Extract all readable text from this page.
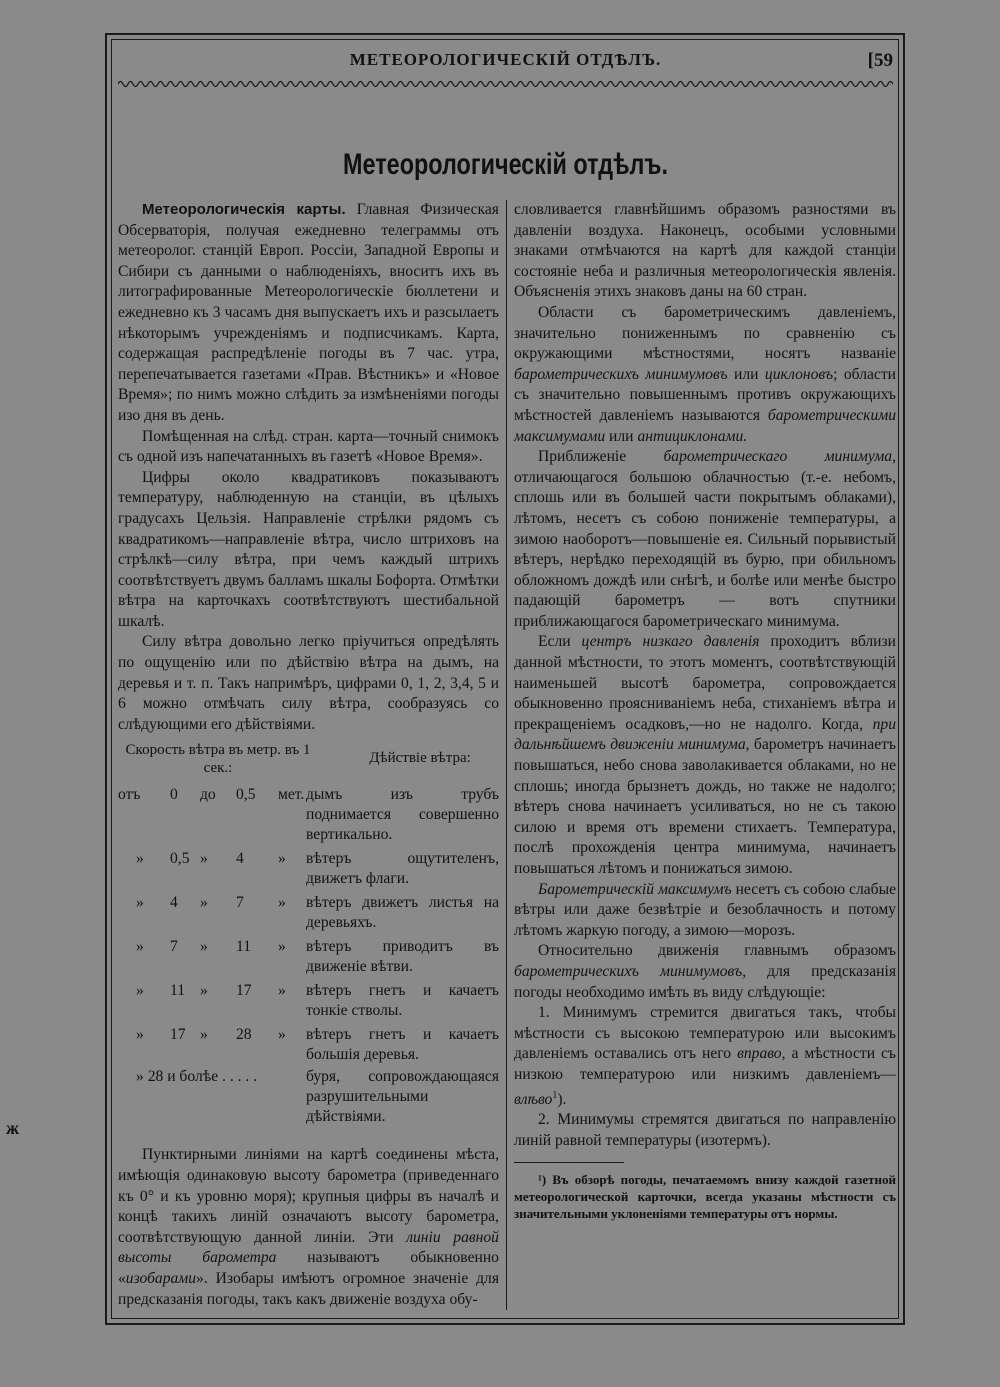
МЕТЕОРОЛОГИЧЕСКІЙ ОТДѢЛЪ.	[59
Метеорологическій отдѣлъ.

Метеорологическія карты. Главная Физическая Обсерваторія, получая ежедневно телеграммы отъ метеоролог. станцій Европ. Россіи, Западной Европы и Сибири съ данными о наблюденіяхъ, вноситъ ихъ въ литографированные Метеорологическіе бюллетени и ежедневно къ 3 часамъ дня выпускаетъ ихъ и разсылаетъ нѣкоторымъ учрежденіямъ и подписчикамъ. Карта, содержащая распредѣленіе погоды въ 7 час. утра, перепечатывается газетами «Прав. Вѣстникъ» и «Новое Время»; по нимъ можно слѣдить за измѣненіями погоды изо дня въ день.

Помѣщенная на слѣд. стран. карта—точный снимокъ съ одной изъ напечатанныхъ въ газетѣ «Новое Время».

Цифры около квадратиковъ показываютъ температуру, наблюденную на станціи, въ цѣлыхъ градусахъ Цельзія. Направленіе стрѣлки рядомъ съ квадратикомъ—направленіе вѣтра, число штриховъ на стрѣлкѣ—силу вѣтра, при чемъ каждый штрихъ соотвѣтствуетъ двумъ балламъ шкалы Бофорта. Отмѣтки вѣтра на карточкахъ соотвѣтствуютъ шестибальной шкалѣ.

Силу вѣтра довольно легко пріучиться опредѣлять по ощущенію или по дѣйствію вѣтра на дымъ, на деревья и т. п. Такъ напримѣръ, цифрами 0, 1, 2, 3,4, 5 и 6 можно отмѣчать силу вѣтра, сообразуясь со слѣдующими его дѣйствіями.

Скорость вѣтра въ метр. въ 1 сек.:
Дѣйствіе вѣтра:
отъ 0 до 0,5 мет. дымъ изъ трубъ поднимается совершенно вертикально.

» 0,5 » 4 » вѣтеръ ощутителенъ, движетъ флаги.

» 4 » 7 » вѣтеръ движетъ листья на деревьяхъ.

» 7 » 11 » вѣтеръ приводитъ въ движеніе вѣтви.

» 11 » 17 » вѣтеръ гнетъ и качаетъ тонкіе стволы.

» 17 » 28 » вѣтеръ гнетъ и качаетъ большія деревья.

» 28 и болѣе . . . . .	буря, сопровождающаяся разрушительными дѣйствіями.

Пунктирными линіями на картѣ соединены мѣста, имѣющія одинаковую высоту барометра (приведеннаго къ 0° и къ уровню моря); крупныя цифры въ началѣ и концѣ такихъ линій означаютъ высоту барометра, соотвѣтствующую данной линіи. Эти линіи равной высоты барометра называютъ обыкновенно «изобарами». Изобары имѣютъ огромное значеніе для предсказанія погоды, такъ какъ движеніе воздуха обу-

словливается главнѣйшимъ образомъ разностями въ давленіи воздуха. Наконецъ, особыми условными знаками отмѣчаются на картѣ для каждой станціи состояніе неба и различныя метеорологическія явленія. Объясненія этихъ знаковъ даны на 60 стран.

Области съ барометрическимъ давленіемъ, значительно пониженнымъ по сравненію съ окружающими мѣстностями, носятъ названіе барометрическихъ минимумовъ или циклоновъ; области съ значительно повышеннымъ противъ окружающихъ мѣстностей давленіемъ называются барометрическими максимумами или антициклонами.

Приближеніе барометрическаго минимума, отличающагося большою облачностью (т.-е. небомъ, сплошь или въ большей части покрытымъ облаками), лѣтомъ, несетъ съ собою пониженіе температуры, а зимою наоборотъ—повышеніе ея. Сильный порывистый вѣтеръ, нерѣдко переходящій въ бурю, при обильномъ обложномъ дождѣ или снѣгѣ, и болѣе или менѣе быстро падающій барометръ — вотъ спутники приближающагося барометрическаго минимума.

Если центръ низкаго давленія проходитъ вблизи данной мѣстности, то этотъ моментъ, соотвѣтствующій наименьшей высотѣ барометра, сопровождается обыкновенно проясниваніемъ неба, стиханіемъ вѣтра и прекращеніемъ осадковъ,—но не надолго. Когда, при дальнѣйшемъ движеніи минимума, барометръ начинаетъ повышаться, небо снова заволакивается облаками, но не сплошь; иногда брызнетъ дождь, но также не надолго; вѣтеръ снова начинаетъ усиливаться, но не съ такою силою и время отъ времени стихаетъ. Температура, послѣ прохожденія центра минимума, начинаетъ повышаться лѣтомъ и понижаться зимою.

Барометрическій максимумъ несетъ съ собою слабые вѣтры или даже безвѣтріе и безоблачность и потому лѣтомъ жаркую погоду, а зимою—морозъ.

Относительно движенія главнымъ образомъ барометрическихъ минимумовъ, для предсказанія погоды необходимо имѣть въ виду слѣдующіе:

1. Минимумъ стремится двигаться такъ, чтобы мѣстности съ высокою температурою или высокимъ давленіемъ оставались отъ него вправо, а мѣстности съ низкою температурою или низкимъ давленіемъ—влѣво$^1$).

2. Минимумы стремятся двигаться по направленію линій равной температуры (изотермъ).

¹) Въ обзорѣ погоды, печатаемомъ внизу каждой газетной метеорологической карточки, всегда указаны мѣстности съ значительными уклоненіями температуры отъ нормы.

ж
